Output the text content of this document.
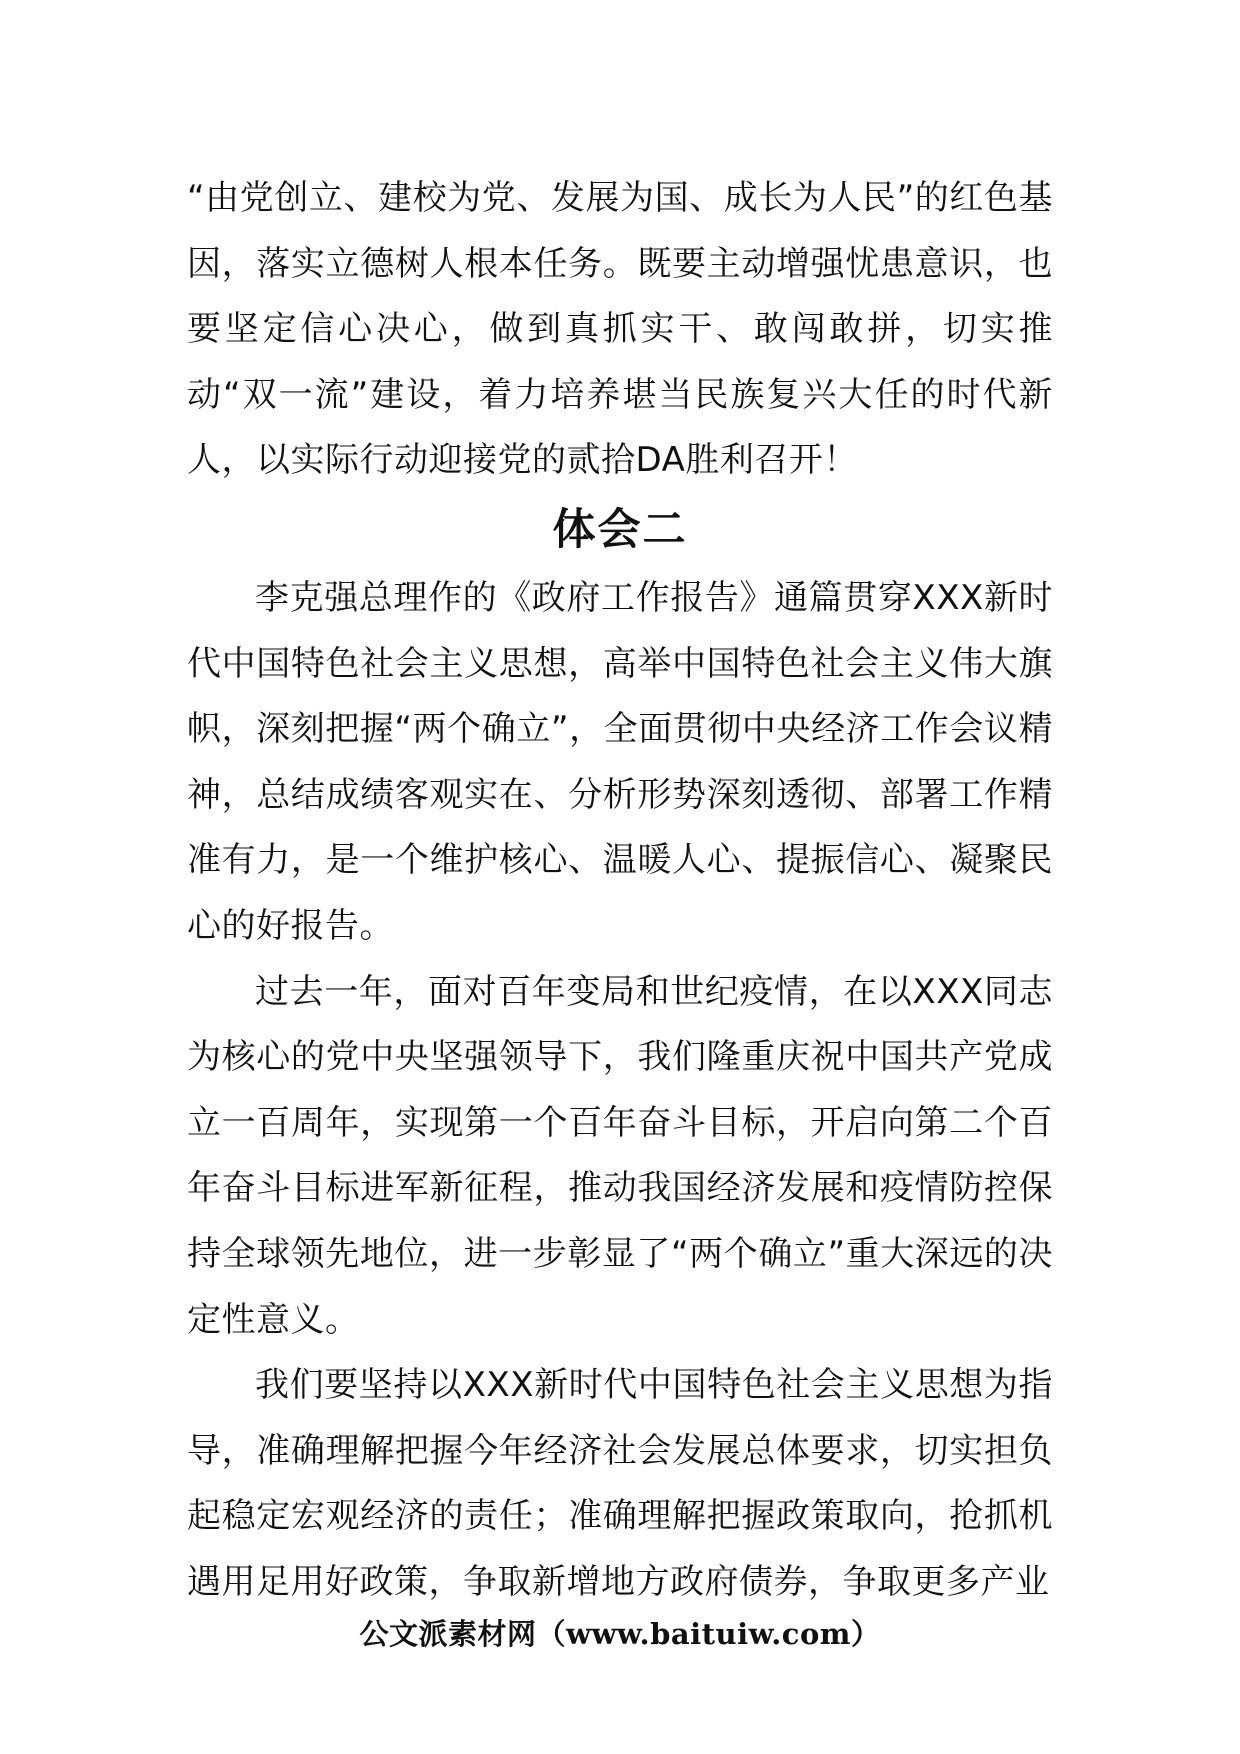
“由党创立、建校为党、发展为国、成长为人民”的红色基因，落实立德树人根本任务。既要主动增强忧患意识，也要坚定信心决心，做到真抓实干、敢闯敢拼，切实推动“双一流”建设，着力培养堪当民族复兴大任的时代新人，以实际行动迎接党的贰拾DA胜利召开！

体会二

李克强总理作的《政府工作报告》通篇贯穿XXX新时代中国特色社会主义思想，高举中国特色社会主义伟大旗帜，深刻把握“两个确立”，全面贯彻中央经济工作会议精神，总结成绩客观实在、分析形势深刻透彻、部署工作精准有力，是一个维护核心、温暖人心、提振信心、凝聚民心的好报告。

过去一年，面对百年变局和世纪疫情，在以XXX同志为核心的党中央坚强领导下，我们隆重庆祝中国共产党成立一百周年，实现第一个百年奋斗目标，开启向第二个百年奋斗目标进军新征程，推动我国经济发展和疫情防控保持全球领先地位，进一步彰显了“两个确立”重大深远的决定性意义。

我们要坚持以XXX新时代中国特色社会主义思想为指导，准确理解把握今年经济社会发展总体要求，切实担负起稳定宏观经济的责任；准确理解把握政策取向，抢抓机遇用足用好政策，争取新增地方政府债券，争取更多产业

公文派素材网（www.baituiw.com）
